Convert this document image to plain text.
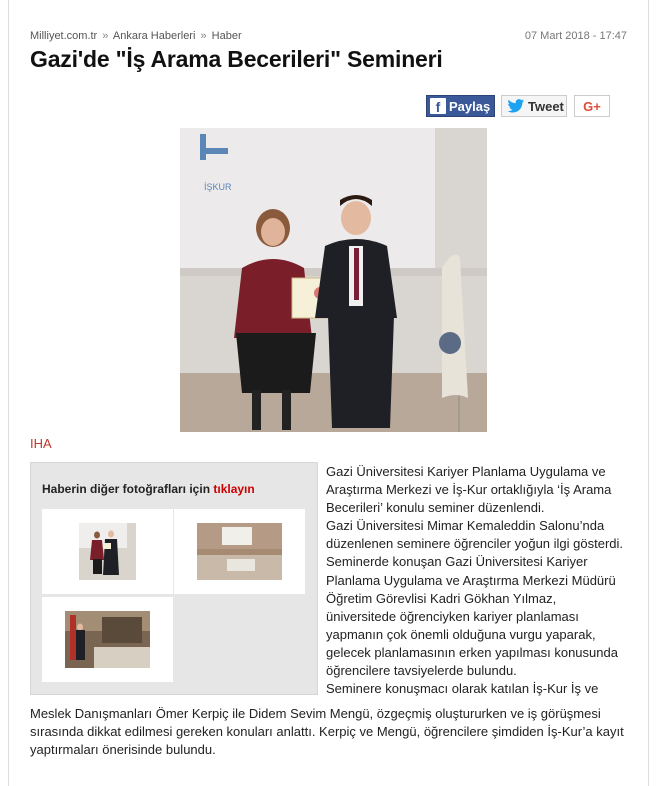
Milliyet.com.tr » Ankara Haberleri » Haber	07 Mart 2018 - 17:47
Gazi'de "İş Arama Becerileri" Semineri
f Paylaş	Tweet G+
İŞKUR
IHA
Haberin diğer fotoğrafları için tıklayın

Gazi Üniversitesi Kariyer Planlama Uygulama ve Araştırma Merkezi ve İş-Kur ortaklığıyla ‘İş Arama Becerileri’ konulu seminer düzenlendi.

Gazi Üniversitesi Mimar Kemaleddin Salonu’nda düzenlenen seminere öğrenciler yoğun ilgi gösterdi. Seminerde konuşan Gazi Üniversitesi Kariyer Planlama Uygulama ve Araştırma Merkezi Müdürü Öğretim Görevlisi Kadri Gökhan Yılmaz, üniversitede öğrenciyken kariyer planlaması yapmanın çok önemli olduğuna vurgu yaparak, gelecek planlamasının erken yapılması konusunda öğrencilere tavsiyelerde bulundu.

Seminere konuşmacı olarak katılan İş-Kur İş ve

Meslek Danışmanları Ömer Kerpiç ile Didem Sevim Mengü, özgeçmiş oluştururken ve iş görüşmesi sırasında dikkat edilmesi gereken konuları anlattı. Kerpiç ve Mengü, öğrencilere şimdiden İş-Kur’a kayıt yaptırmaları önerisinde bulundu.
